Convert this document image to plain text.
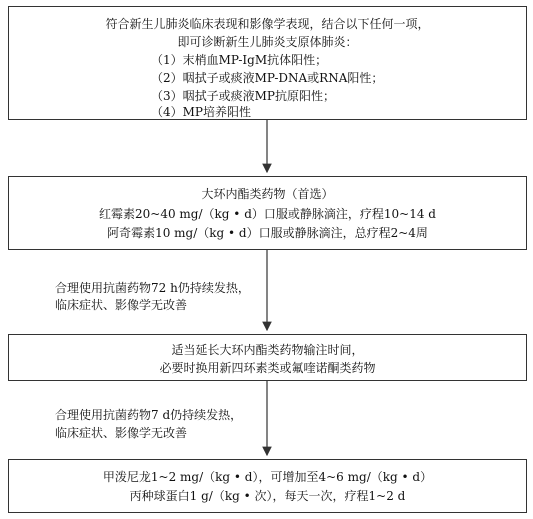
符合新生儿肺炎临床表现和影像学表现，结合以下任何一项，
即可诊断新生儿肺炎支原体肺炎：
（1）末梢血MP-IgM抗体阳性；
（2）咽拭子或痰液MP-DNA或RNA阳性；
（3）咽拭子或痰液MP抗原阳性；
（4）MP培养阳性
大环内酯类药物（首选）
红霉素20~40 mg/（kg • d）口服或静脉滴注，疗程10~14 d
阿奇霉素10 mg/（kg • d）口服或静脉滴注，总疗程2~4周
合理使用抗菌药物72 h仍持续发热，
临床症状、影像学无改善
适当延长大环内酯类药物输注时间，
必要时换用新四环素类或氟喹诺酮类药物
合理使用抗菌药物7 d仍持续发热，
临床症状、影像学无改善
甲泼尼龙1~2 mg/（kg • d），可增加至4~6 mg/（kg • d）
丙种球蛋白1 g/（kg • 次），每天一次，疗程1~2 d
